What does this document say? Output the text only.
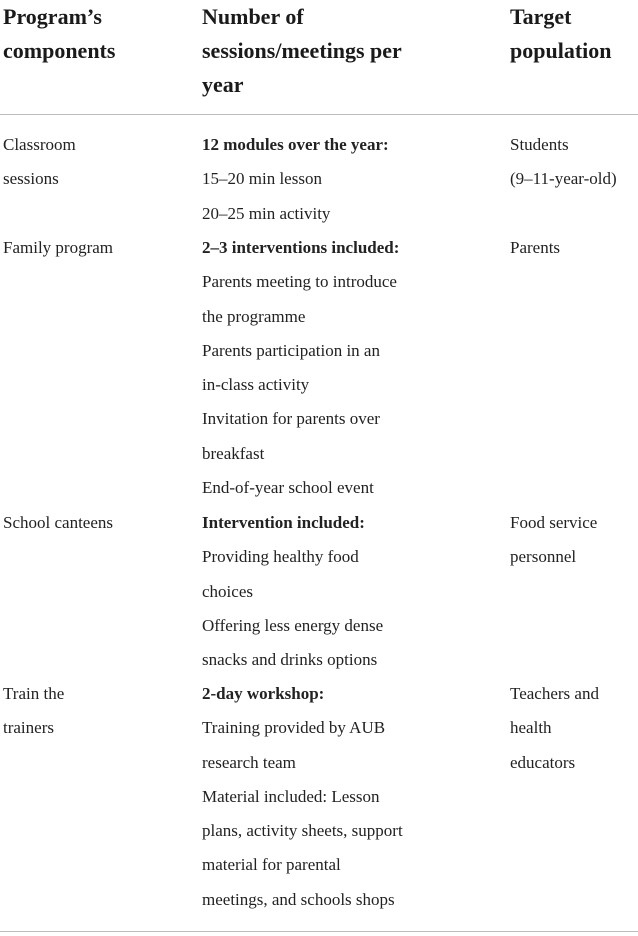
Program’s
components
Number of
sessions/meetings per
year
Target
population
Classroom
sessions
12 modules over the year:
15–20 min lesson
20–25 min activity
Students
(9–11-year-old)
Family program	2–3 interventions included:
Parents meeting to introduce
the programme
Parents participation in an
in-class activity
Invitation for parents over
breakfast
End-of-year school event
Parents
School canteens	Intervention included:
Providing healthy food
choices
Offering less energy dense
snacks and drinks options
Food service
personnel
Train the
trainers
2-day workshop:
Training provided by AUB
research team
Material included: Lesson
plans, activity sheets, support
material for parental
meetings, and schools shops
Teachers and
health
educators
